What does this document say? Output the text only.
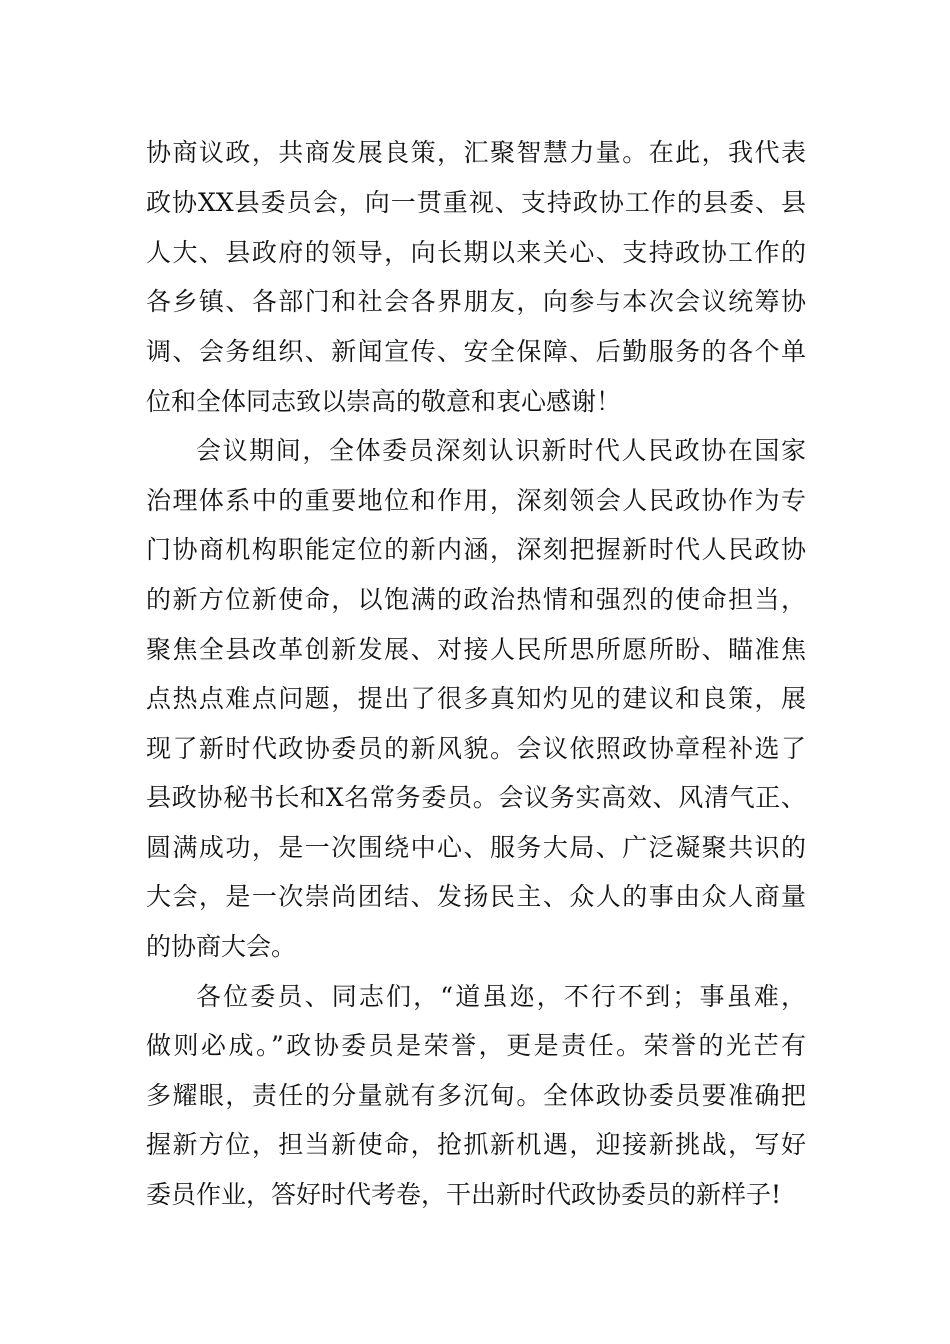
协商议政，共商发展良策，汇聚智慧力量。在此，我代表
政协XX县委员会，向一贯重视、支持政协工作的县委、县
人大、县政府的领导，向长期以来关心、支持政协工作的
各乡镇、各部门和社会各界朋友，向参与本次会议统筹协
调、会务组织、新闻宣传、安全保障、后勤服务的各个单
位和全体同志致以崇高的敬意和衷心感谢！
会议期间，全体委员深刻认识新时代人民政协在国家
治理体系中的重要地位和作用，深刻领会人民政协作为专
门协商机构职能定位的新内涵，深刻把握新时代人民政协
的新方位新使命，以饱满的政治热情和强烈的使命担当，
聚焦全县改革创新发展、对接人民所思所愿所盼、瞄准焦
点热点难点问题，提出了很多真知灼见的建议和良策，展
现了新时代政协委员的新风貌。会议依照政协章程补选了
县政协秘书长和X名常务委员。会议务实高效、风清气正、
圆满成功，是一次围绕中心、服务大局、广泛凝聚共识的
大会，是一次崇尚团结、发扬民主、众人的事由众人商量
的协商大会。
各位委员、同志们，“道虽迩，不行不到；事虽难，
做则必成。”政协委员是荣誉，更是责任。荣誉的光芒有
多耀眼，责任的分量就有多沉甸。全体政协委员要准确把
握新方位，担当新使命，抢抓新机遇，迎接新挑战，写好
委员作业，答好时代考卷，干出新时代政协委员的新样子!
